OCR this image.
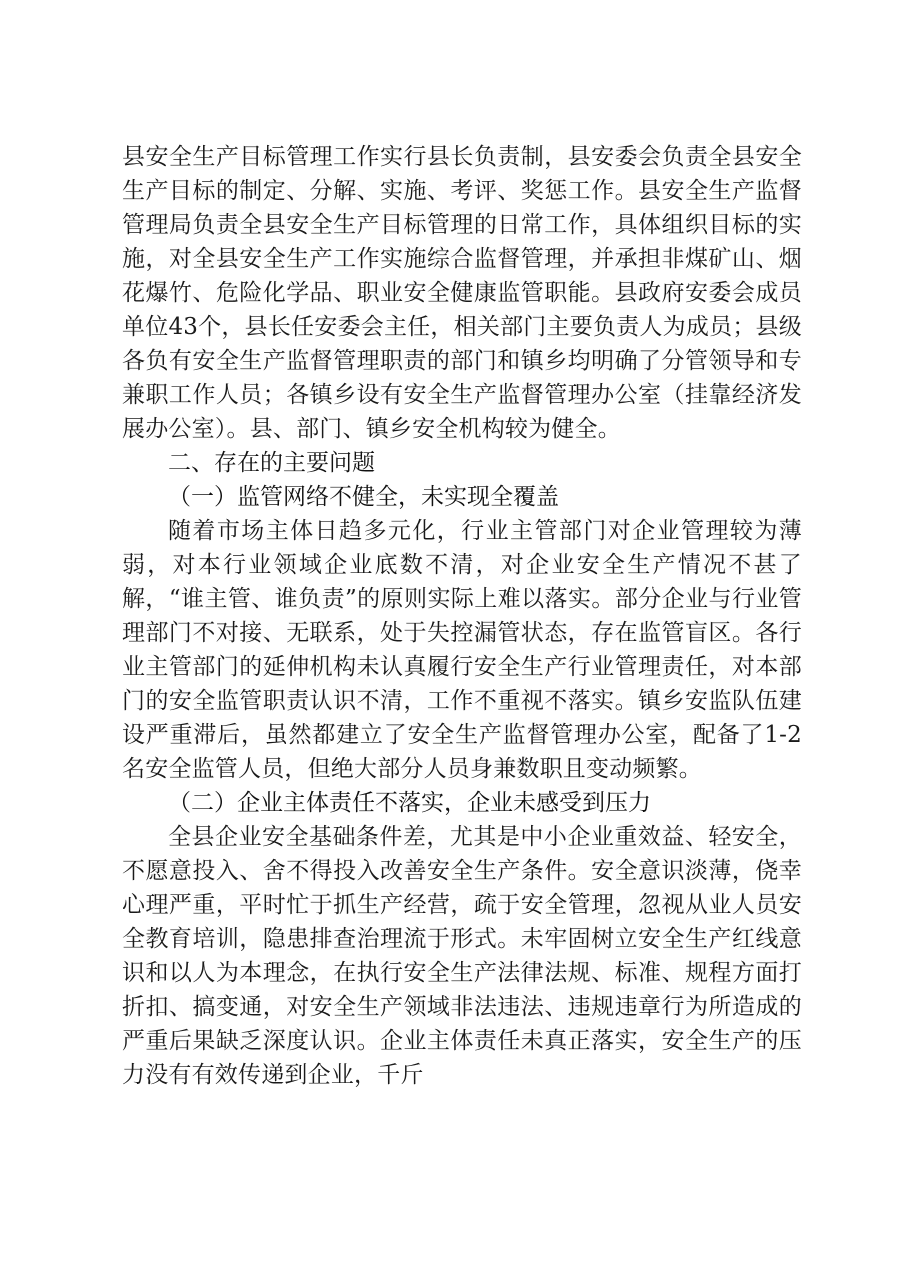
县安全生产目标管理工作实行县长负责制，县安委会负责全县安全生产目标的制定、分解、实施、考评、奖惩工作。县安全生产监督管理局负责全县安全生产目标管理的日常工作，具体组织目标的实施，对全县安全生产工作实施综合监督管理，并承担非煤矿山、烟花爆竹、危险化学品、职业安全健康监管职能。县政府安委会成员单位43个，县长任安委会主任，相关部门主要负责人为成员；县级各负有安全生产监督管理职责的部门和镇乡均明确了分管领导和专兼职工作人员；各镇乡设有安全生产监督管理办公室（挂靠经济发展办公室）。县、部门、镇乡安全机构较为健全。

二、存在的主要问题

（一）监管网络不健全，未实现全覆盖

随着市场主体日趋多元化，行业主管部门对企业管理较为薄弱，对本行业领域企业底数不清，对企业安全生产情况不甚了解，“谁主管、谁负责”的原则实际上难以落实。部分企业与行业管理部门不对接、无联系，处于失控漏管状态，存在监管盲区。各行业主管部门的延伸机构未认真履行安全生产行业管理责任，对本部门的安全监管职责认识不清，工作不重视不落实。镇乡安监队伍建设严重滞后，虽然都建立了安全生产监督管理办公室，配备了1-2名安全监管人员，但绝大部分人员身兼数职且变动频繁。

（二）企业主体责任不落实，企业未感受到压力

全县企业安全基础条件差，尤其是中小企业重效益、轻安全，不愿意投入、舍不得投入改善安全生产条件。安全意识淡薄，侥幸心理严重，平时忙于抓生产经营，疏于安全管理，忽视从业人员安全教育培训，隐患排查治理流于形式。未牢固树立安全生产红线意识和以人为本理念，在执行安全生产法律法规、标准、规程方面打折扣、搞变通，对安全生产领域非法违法、违规违章行为所造成的严重后果缺乏深度认识。企业主体责任未真正落实，安全生产的压力没有有效传递到企业，千斤
